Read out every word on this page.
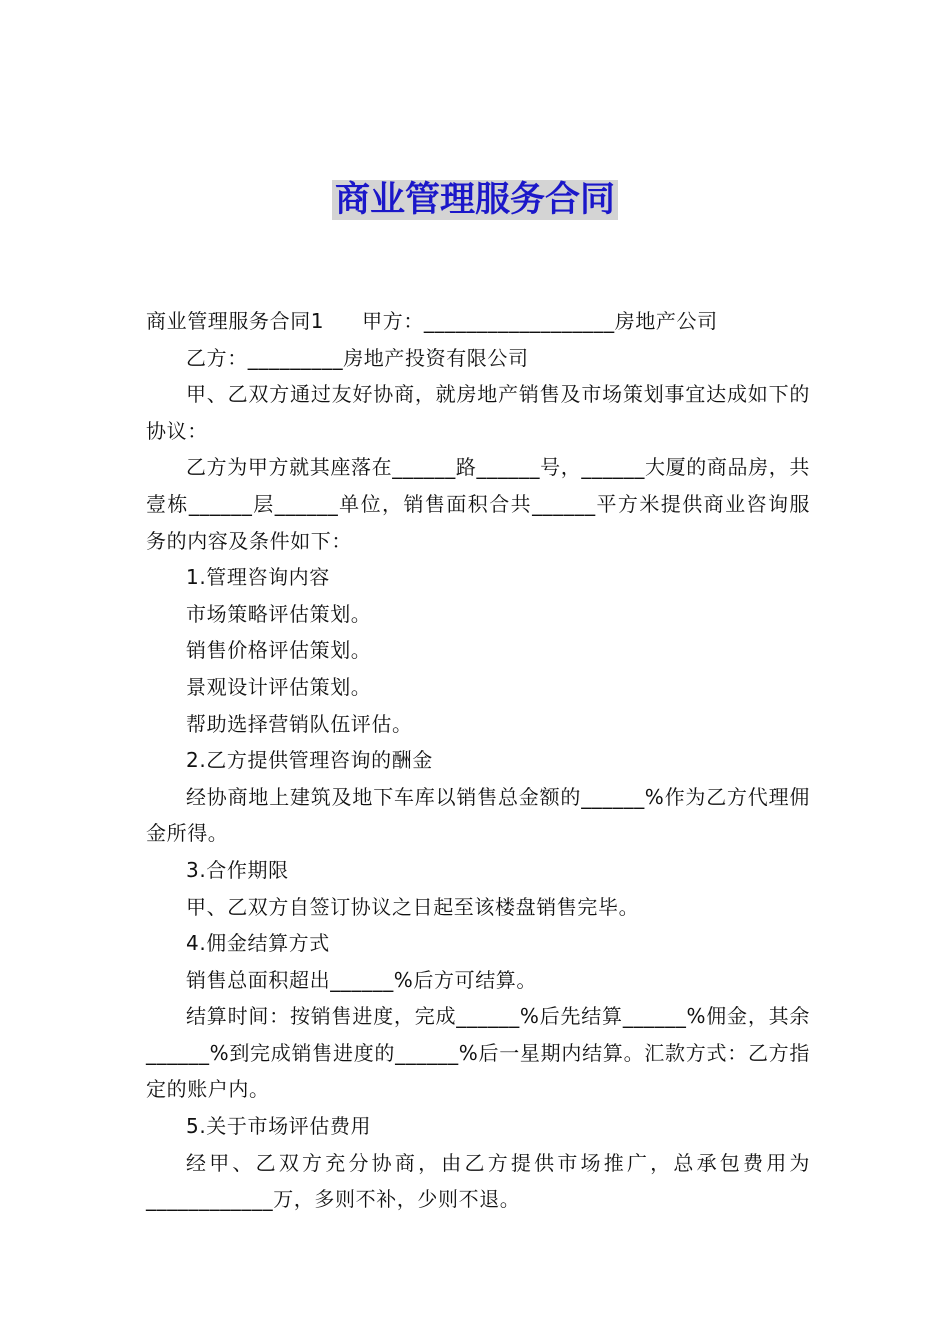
商业管理服务合同

商业管理服务合同1 甲方：__________________房地产公司

乙方：_________房地产投资有限公司

甲、乙双方通过友好协商，就房地产销售及市场策划事宜达成如下的协议：

乙方为甲方就其座落在______路______号，______大厦的商品房，共壹栋______层______单位，销售面积合共______平方米提供商业咨询服务的内容及条件如下：

1.管理咨询内容

市场策略评估策划。

销售价格评估策划。

景观设计评估策划。

帮助选择营销队伍评估。

2.乙方提供管理咨询的酬金

经协商地上建筑及地下车库以销售总金额的______%作为乙方代理佣金所得。

3.合作期限

甲、乙双方自签订协议之日起至该楼盘销售完毕。

4.佣金结算方式

销售总面积超出______%后方可结算。

结算时间：按销售进度，完成______%后先结算______%佣金，其余______%到完成销售进度的______%后一星期内结算。汇款方式：乙方指定的账户内。

5.关于市场评估费用

经甲、乙双方充分协商，由乙方提供市场推广，总承包费用为____________万，多则不补，少则不退。
